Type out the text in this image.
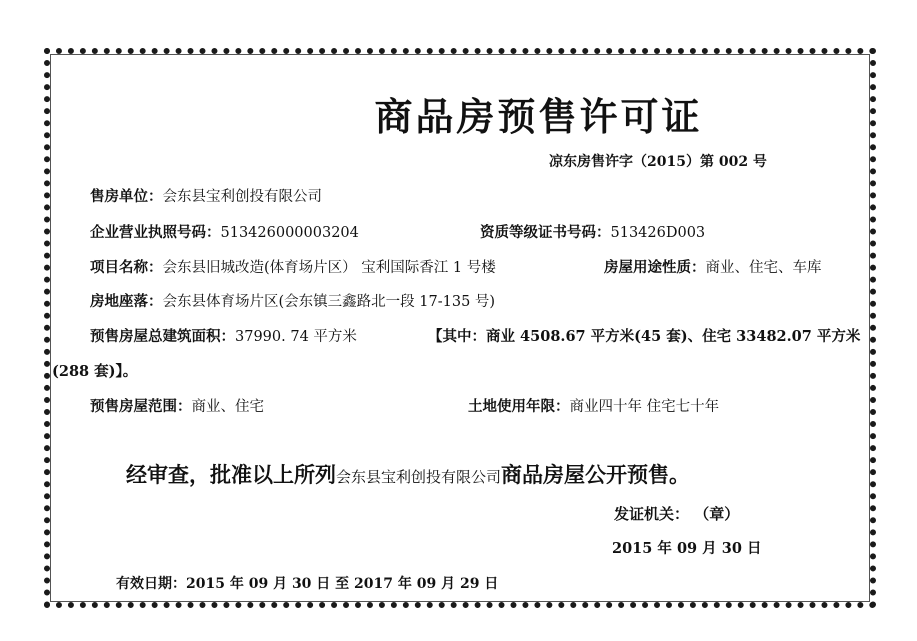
商品房预售许可证
凉东房售许字（2015）第 002 号
售房单位：会东县宝利创投有限公司
企业营业执照号码：513426000003204	资质等级证书号码：513426D003
项目名称：会东县旧城改造(体育场片区） 宝利国际香江 1 号楼	房屋用途性质：商业、住宅、车库
房地座落：会东县体育场片区(会东镇三鑫路北一段 17-135 号)
预售房屋总建筑面积：37990. 74 平方米	【其中：商业 4508.67 平方米(45 套)、住宅 33482.07 平方米
(288 套)】。
预售房屋范围：商业、住宅	土地使用年限：商业四十年 住宅七十年
经审查，批准以上所列会东县宝利创投有限公司商品房屋公开预售。
发证机关： （章）
2015 年 09 月 30 日
有效日期：2015 年 09 月 30 日 至 2017 年 09 月 29 日
